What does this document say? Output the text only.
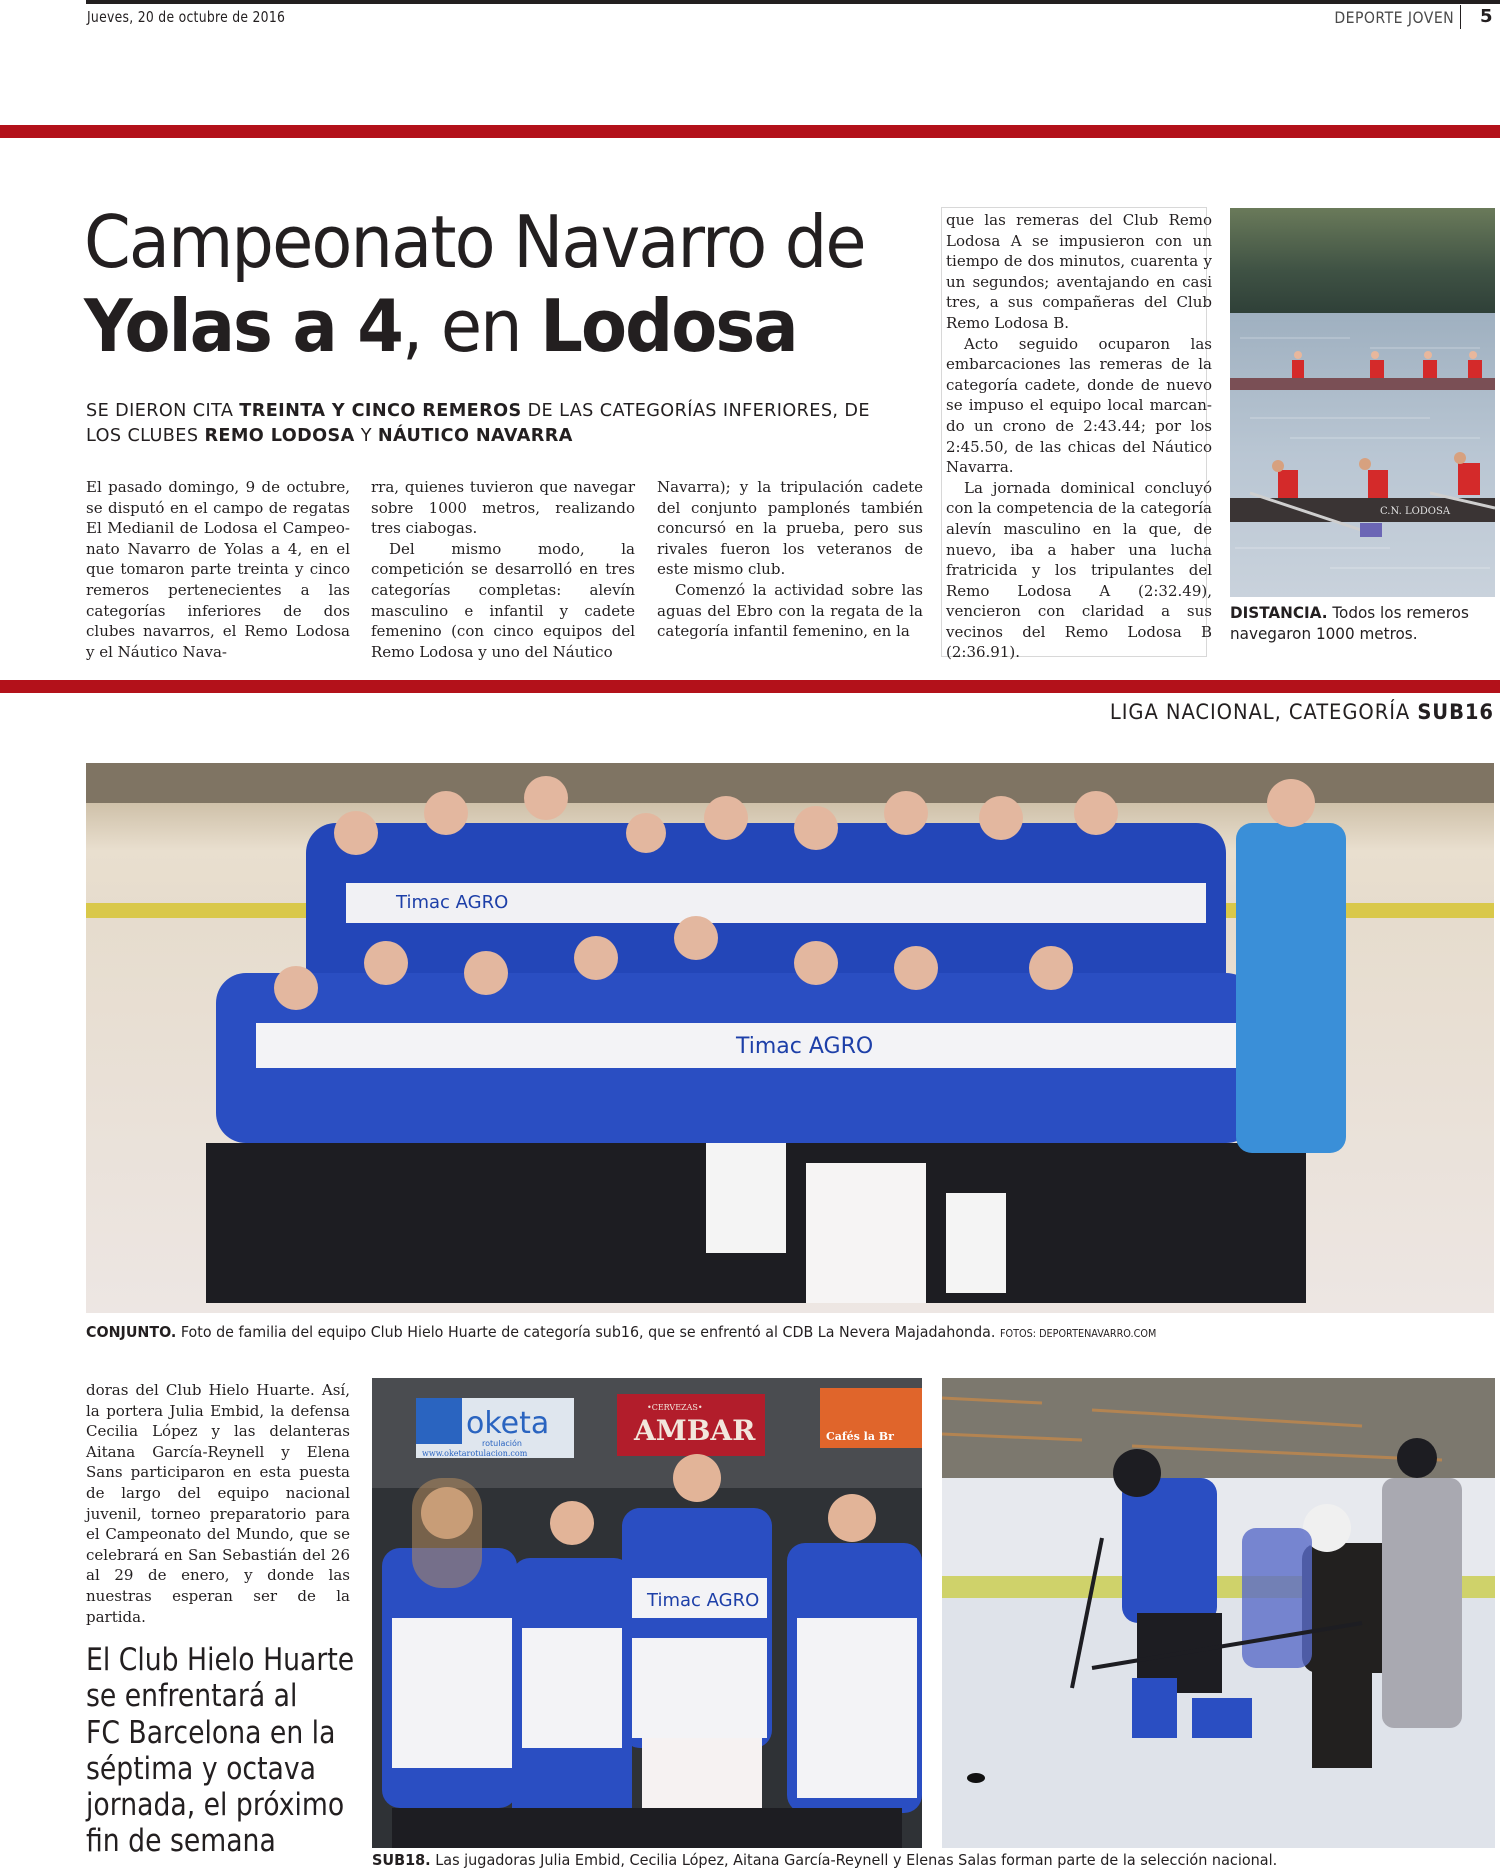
Jueves, 20 de octubre de 2016	DEPORTE JOVEN 5
Campeonato Navarro de
Yolas a 4, en Lodosa
SE DIERON CITA TREINTA Y CINCO REMEROS DE LAS CATEGORÍAS INFERIORES, DE LOS CLUBES REMO LODOSA Y NÁUTICO NAVARRA

El pasado domingo, 9 de octubre, se disputó en el campo de regatas El Medianil de Lodosa el Campeonato Navarro de Yolas a 4, en el que tomaron parte treinta y cinco remeros pertenecientes a las categorías inferiores de dos clubes navarros, el Remo Lodosa y el Náutico Nava-

rra, quienes tuvieron que navegar sobre 1000 metros, realizando tres ciabogas.

Del mismo modo, la competición se desarrolló en tres categorías completas: alevín masculino e infantil y cadete femenino (con cinco equipos del Remo Lodosa y uno del Náutico

Navarra); y la tripulación cadete del conjunto pamplonés también concursó en la prueba, pero sus rivales fueron los veteranos de este mismo club.

Comenzó la actividad sobre las aguas del Ebro con la regata de la categoría infantil femenino, en la

que las remeras del Club Remo Lodosa A se impusieron con un tiempo de dos minutos, cuarenta y un segundos; aventajando en casi tres, a sus compañeras del Club Remo Lodosa B.

Acto seguido ocuparon las embarcaciones las remeras de la categoría cadete, donde de nuevo se impuso el equipo local marcando un crono de 2:43.44; por los 2:45.50, de las chicas del Náutico Navarra.

La jornada dominical concluyó con la competencia de la categoría alevín masculino en la que, de nuevo, iba a haber una lucha fratricida y los tripulantes del Remo Lodosa A (2:32.49), vencieron con claridad a sus vecinos del Remo Lodosa B (2:36.91).

C.N. LODOSA
DISTANCIA. Todos los remeros navegaron 1000 metros.
LIGA NACIONAL, CATEGORÍA SUB16
Timac AGRO
Timac AGRO
CONJUNTO. Foto de familia del equipo Club Hielo Huarte de categoría sub16, que se enfrentó al CDB La Nevera Majadahonda. FOTOS: DEPORTENAVARRO.COM

doras del Club Hielo Huarte. Así, la portera Julia Embid, la defensa Cecilia López y las delanteras Aitana García-Reynell y Elena Sans participaron en esta puesta de largo del equipo nacional juvenil, torneo preparatorio para el Campeonato del Mundo, que se celebrará en San Sebastián del 26 al 29 de enero, y donde las nuestras esperan ser de la partida.

El Club Hielo Huarte
se enfrentará al
FC Barcelona en la
séptima y octava
jornada, el próximo
fin de semana
oketa
rotulación
www.oketarotulacion.com
•CERVEZAS•
AMBAR	Cafés la Br
Timac AGRO
SUB18. Las jugadoras Julia Embid, Cecilia López, Aitana García-Reynell y Elenas Salas forman parte de la selección nacional.
